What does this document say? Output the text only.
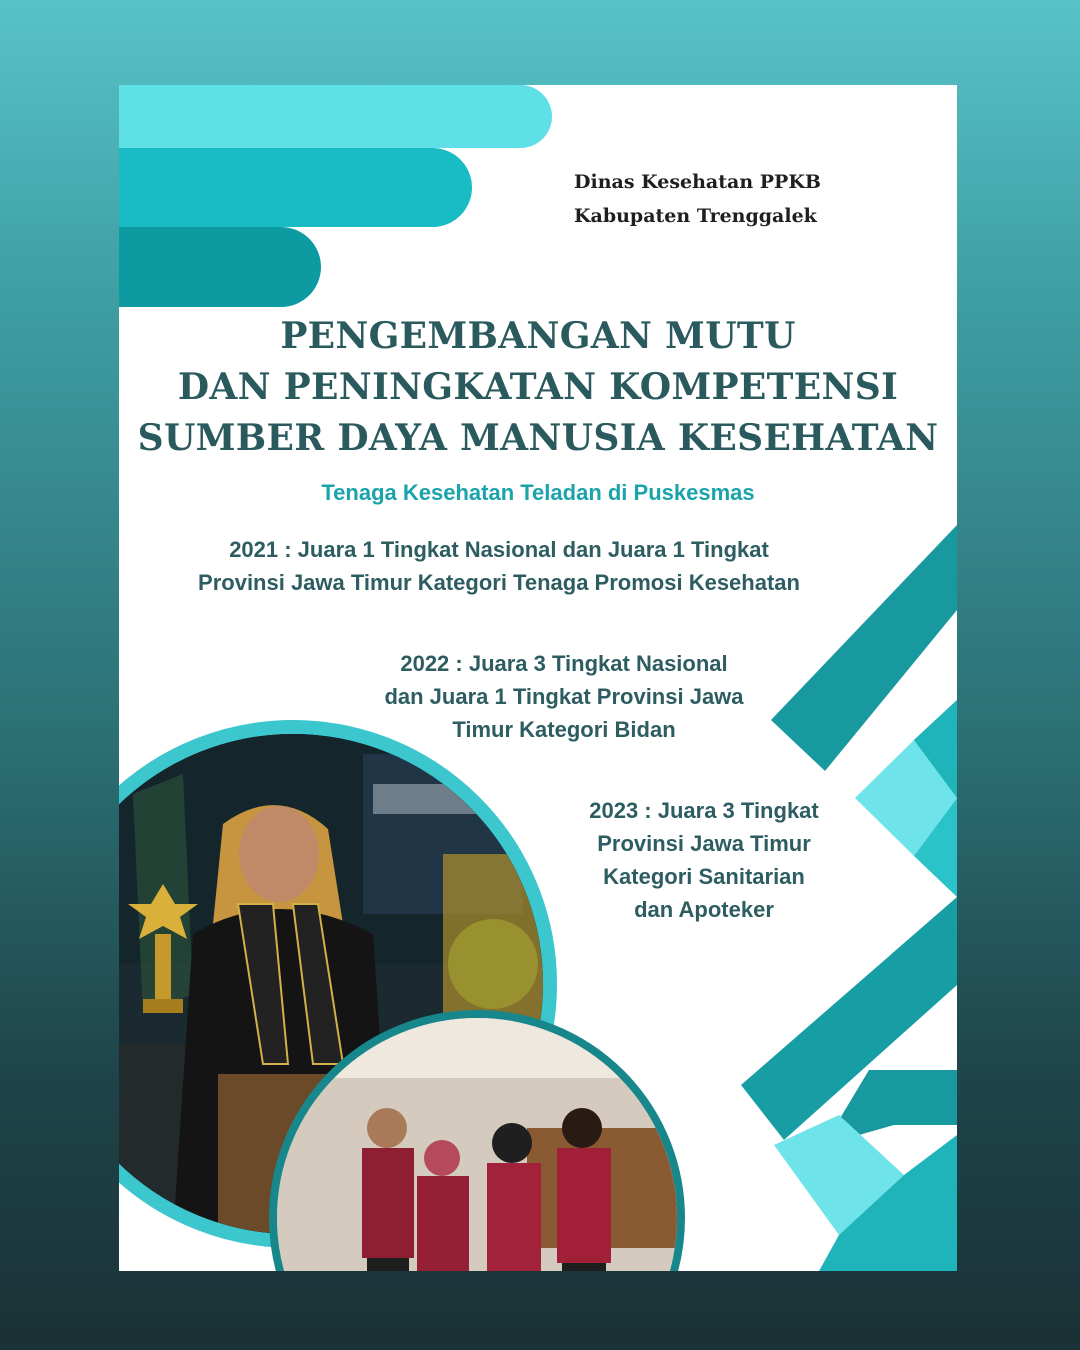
Dinas Kesehatan PPKB
Kabupaten Trenggalek
PENGEMBANGAN MUTU
DAN PENINGKATAN KOMPETENSI
SUMBER DAYA MANUSIA KESEHATAN
Tenaga Kesehatan Teladan di Puskesmas
2021 : Juara 1 Tingkat Nasional dan Juara 1 Tingkat
Provinsi Jawa Timur Kategori Tenaga Promosi Kesehatan
2022 : Juara 3 Tingkat Nasional
dan Juara 1 Tingkat Provinsi Jawa
Timur Kategori Bidan
2023 : Juara 3 Tingkat
Provinsi Jawa Timur
Kategori Sanitarian
dan Apoteker
